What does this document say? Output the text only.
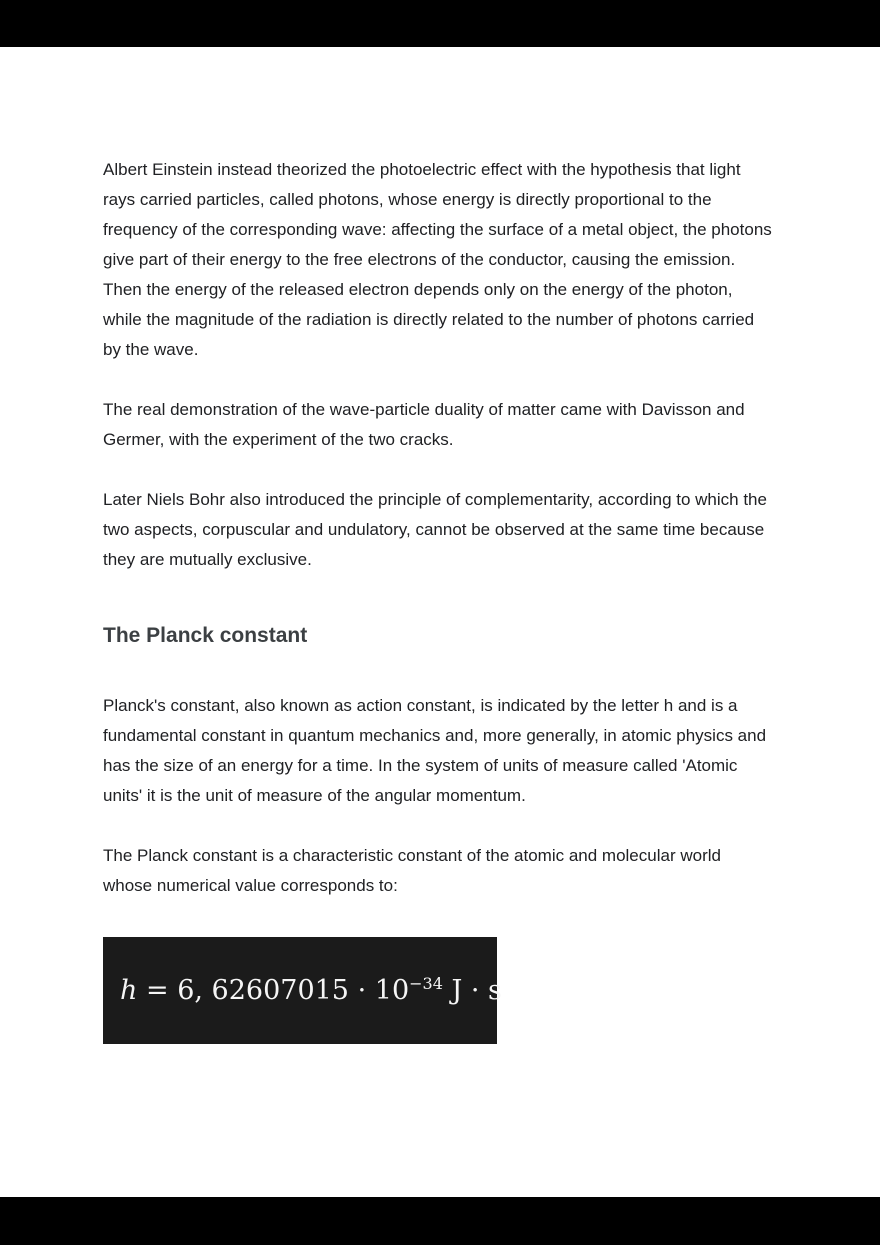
Albert Einstein instead theorized the photoelectric effect with the hypothesis that light rays carried particles, called photons, whose energy is directly proportional to the frequency of the corresponding wave: affecting the surface of a metal object, the photons give part of their energy to the free electrons of the conductor, causing the emission. Then the energy of the released electron depends only on the energy of the photon, while the magnitude of the radiation is directly related to the number of photons carried by the wave.

The real demonstration of the wave-particle duality of matter came with Davisson and Germer, with the experiment of the two cracks.

Later Niels Bohr also introduced the principle of complementarity, according to which the two aspects, corpuscular and undulatory, cannot be observed at the same time because they are mutually exclusive.

The Planck constant

Planck's constant, also known as action constant, is indicated by the letter h and is a fundamental constant in quantum mechanics and, more generally, in atomic physics and has the size of an energy for a time. In the system of units of measure called 'Atomic units' it is the unit of measure of the angular momentum.

The Planck constant is a characteristic constant of the atomic and molecular world whose numerical value corresponds to:

h = 6, $62607015 \cdot 10^{-34}$ J · s
